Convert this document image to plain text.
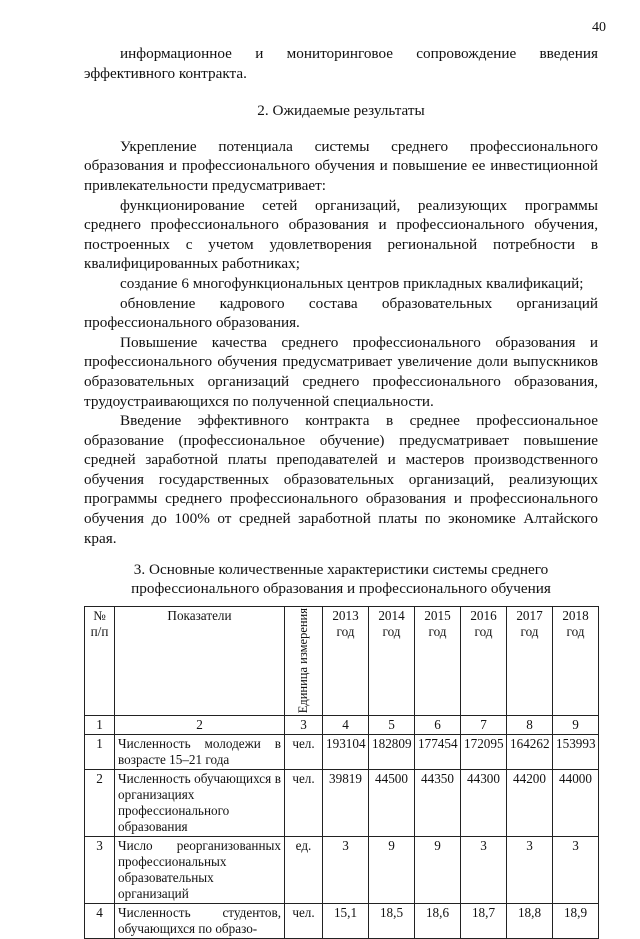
40

информационное и мониторинговое сопровождение введения эффективного контракта.

2. Ожидаемые результаты

Укрепление потенциала системы среднего профессионального образования и профессионального обучения и повышение ее инвестиционной привлекательности предусматривает:

функционирование сетей организаций, реализующих программы среднего профессионального образования и профессионального обучения, построенных с учетом удовлетворения региональной потребности в квалифицированных работниках;

создание 6 многофункциональных центров прикладных квалификаций;

обновление кадрового состава образовательных организаций профессионального образования.

Повышение качества среднего профессионального образования и профессионального обучения предусматривает увеличение доли выпускников образовательных организаций среднего профессионального образования, трудоустраивающихся по полученной специальности.

Введение эффективного контракта в среднее профессиональное образование (профессиональное обучение) предусматривает повышение средней заработной платы преподавателей и мастеров производственного обучения государственных образовательных организаций, реализующих программы среднего профессионального образования и профессионального обучения до 100% от средней заработной платы по экономике Алтайского края.

3. Основные количественные характеристики системы среднего
профессионального образования и профессионального обучения
№ п/п	Показатели	Единица измерения	2013 год	2014 год	2015 год	2016 год	2017 год	2018 год
1	2	3	4	5	6	7	8	9
1	Численность молодежи в возрасте 15–21 года	чел.	193104	182809	177454	172095	164262	153993
2	Численность обучающихся в организациях профессионального образования	чел.	39819	44500	44350	44300	44200	44000
3	Число реорганизованных профессиональных образовательных организаций	ед.	3	9	9	3	3	3
4	Численность студентов, обучающихся по образо-	чел.	15,1	18,5	18,6	18,7	18,8	18,9
